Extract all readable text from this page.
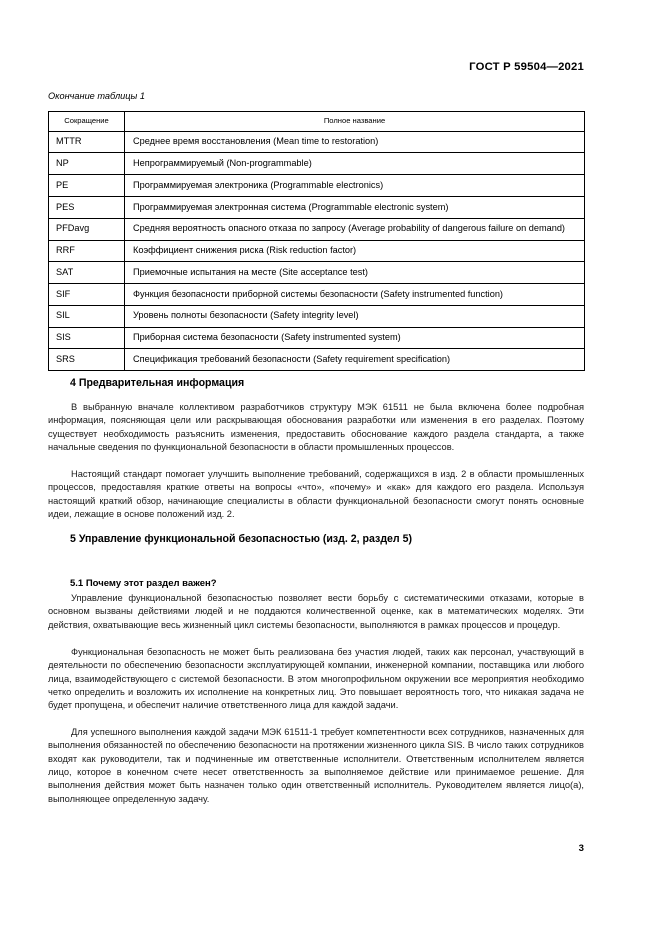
ГОСТ Р 59504—2021
Окончание таблицы 1
Сокращение	Полное название
MTTR	Среднее время восстановления (Mean time to restoration)
NP	Непрограммируемый (Non-programmable)
PE	Программируемая электроника (Programmable electronics)
PES	Программируемая электронная система (Programmable electronic system)
PFDavg	Средняя вероятность опасного отказа по запросу (Average probability of dangerous failure on demand)
RRF	Коэффициент снижения риска (Risk reduction factor)
SAT	Приемочные испытания на месте (Site acceptance test)
SIF	Функция безопасности приборной системы безопасности (Safety instrumented function)
SIL	Уровень полноты безопасности (Safety integrity level)
SIS	Приборная система безопасности (Safety instrumented system)
SRS	Спецификация требований безопасности (Safety requirement specification)
4 Предварительная информация

В выбранную вначале коллективом разработчиков структуру МЭК 61511 не была включена более подробная информация, поясняющая цели или раскрывающая обоснования разработки или изменения в его разделах. Поэтому существует необходимость разъяснить изменения, предоставить обоснование каждого раздела стандарта, а также начальные сведения по функциональной безопасности в области промышленных процессов.

Настоящий стандарт помогает улучшить выполнение требований, содержащихся в изд. 2 в области промышленных процессов, предоставляя краткие ответы на вопросы «что», «почему» и «как» для каждого его раздела. Используя настоящий краткий обзор, начинающие специалисты в области функциональной безопасности смогут понять основные идеи, лежащие в основе положений изд. 2.

5 Управление функциональной безопасностью (изд. 2, раздел 5)
5.1 Почему этот раздел важен?

Управление функциональной безопасностью позволяет вести борьбу с систематическими отказами, которые в основном вызваны действиями людей и не поддаются количественной оценке, как в математических моделях. Эти действия, охватывающие весь жизненный цикл системы безопасности, выполняются в рамках процессов и процедур.

Функциональная безопасность не может быть реализована без участия людей, таких как персонал, участвующий в деятельности по обеспечению безопасности эксплуатирующей компании, инженерной компании, поставщика или любого лица, взаимодействующего с системой безопасности. В этом многопрофильном окружении все мероприятия необходимо четко определить и возложить их исполнение на конкретных лиц. Это повышает вероятность того, что никакая задача не будет пропущена, и обеспечит наличие ответственного лица для каждой задачи.

Для успешного выполнения каждой задачи МЭК 61511-1 требует компетентности всех сотрудников, назначенных для выполнения обязанностей по обеспечению безопасности на протяжении жизненного цикла SIS. В число таких сотрудников входят как руководители, так и подчиненные им ответственные исполнители. Ответственным исполнителем является лицо, которое в конечном счете несет ответственность за выполняемое действие или принимаемое решение. Для выполнения действия может быть назначен только один ответственный исполнитель. Руководителем является лицо(а), выполняющее определенную задачу.

3
